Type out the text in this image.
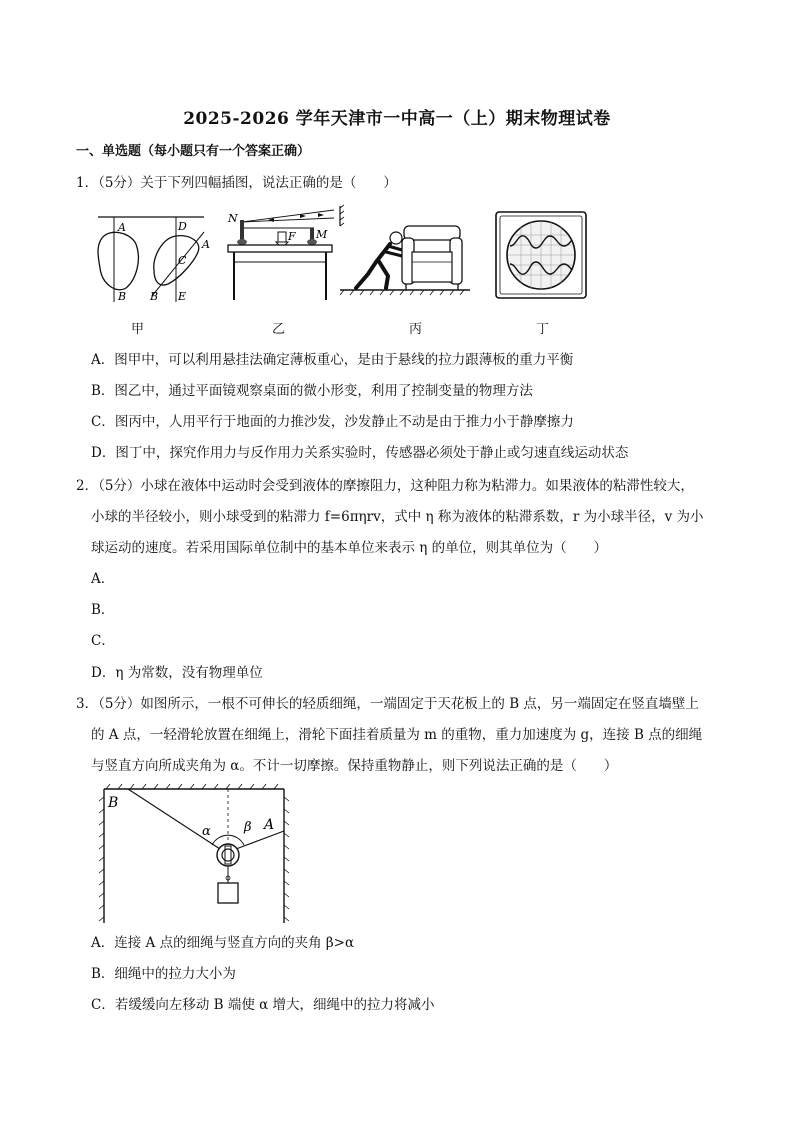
2025-2026 学年天津市一中高一（上）期末物理试卷
一、单选题（每小题只有一个答案正确）
1．（5分）关于下列四幅插图，说法正确的是（　　）
A
B
D
A
C
B E
甲
N
M
F
乙	丙	丁
A．图甲中，可以利用悬挂法确定薄板重心，是由于悬线的拉力跟薄板的重力平衡
B．图乙中，通过平面镜观察桌面的微小形变，利用了控制变量的物理方法
C．图丙中，人用平行于地面的力推沙发，沙发静止不动是由于推力小于静摩擦力
D．图丁中，探究作用力与反作用力关系实验时，传感器必须处于静止或匀速直线运动状态
2．（5分）小球在液体中运动时会受到液体的摩擦阻力，这种阻力称为粘滞力。如果液体的粘滞性较大，
小球的半径较小，则小球受到的粘滞力 f=6πηrv，式中 η 称为液体的粘滞系数，r 为小球半径，v 为小
球运动的速度。若采用国际单位制中的基本单位来表示 η 的单位，则其单位为（　　）
A．
B．
C．
D．η 为常数，没有物理单位
3．（5分）如图所示，一根不可伸长的轻质细绳，一端固定于天花板上的 B 点，另一端固定在竖直墙壁上
的 A 点，一轻滑轮放置在细绳上，滑轮下面挂着质量为 m 的重物，重力加速度为 g，连接 B 点的细绳
与竖直方向所成夹角为 α。不计一切摩擦。保持重物静止，则下列说法正确的是（　　）
B
α	β A
A．连接 A 点的细绳与竖直方向的夹角 β>α
B．细绳中的拉力大小为
C．若缓缓向左移动 B 端使 α 增大，细绳中的拉力将减小
